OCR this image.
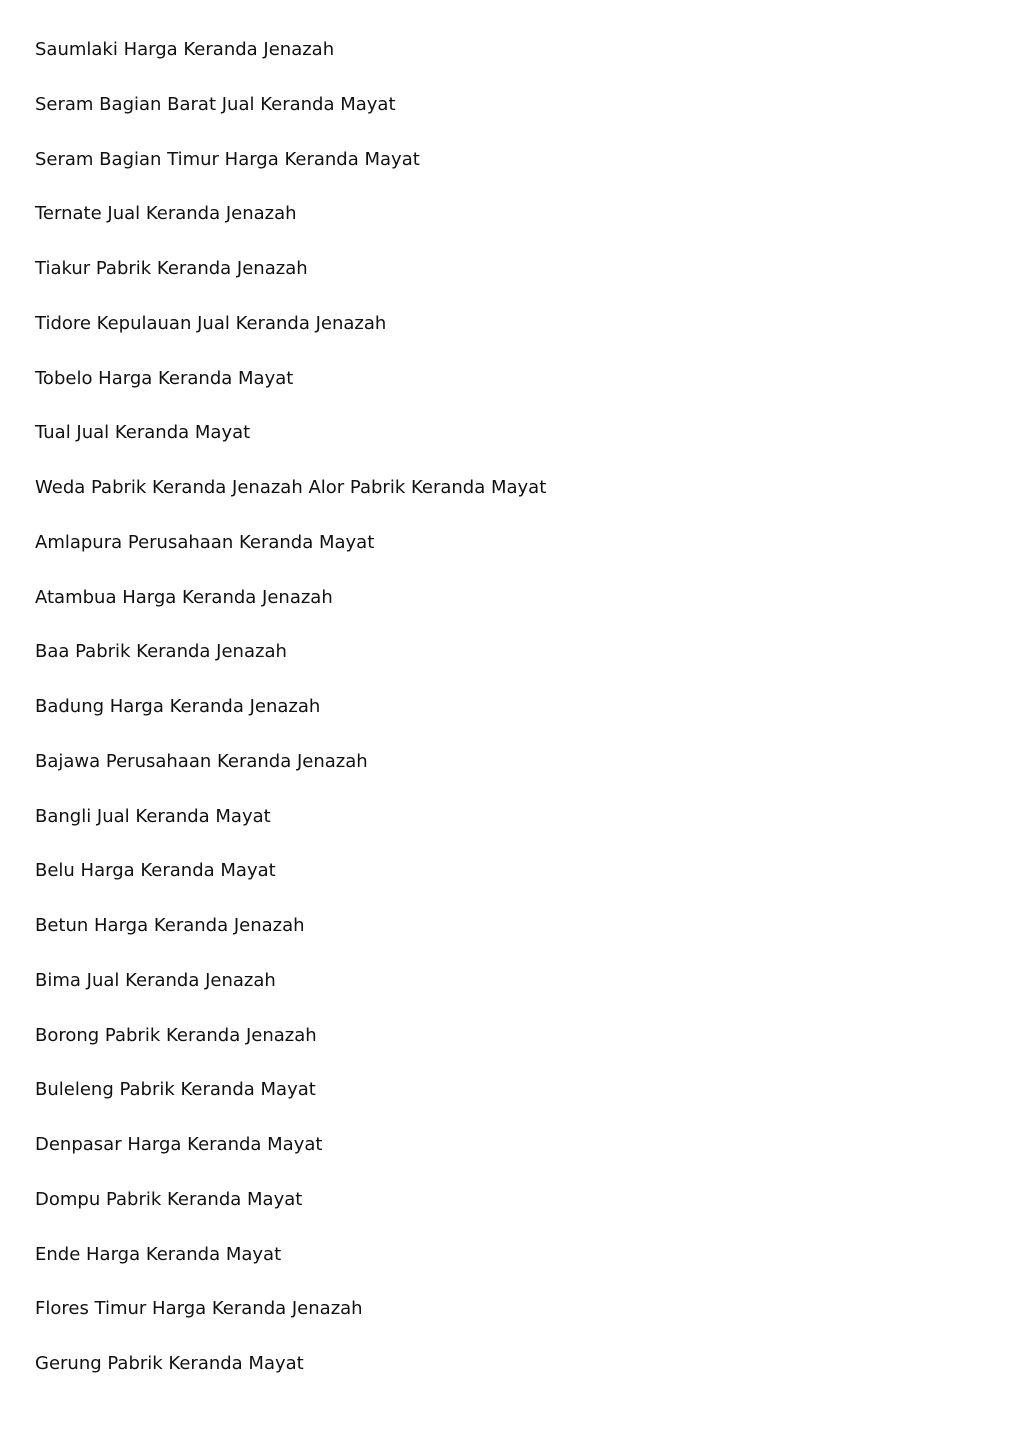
Saumlaki Harga Keranda Jenazah
Seram Bagian Barat Jual Keranda Mayat
Seram Bagian Timur Harga Keranda Mayat
Ternate Jual Keranda Jenazah
Tiakur Pabrik Keranda Jenazah
Tidore Kepulauan Jual Keranda Jenazah
Tobelo Harga Keranda Mayat
Tual Jual Keranda Mayat
Weda Pabrik Keranda Jenazah Alor Pabrik Keranda Mayat
Amlapura Perusahaan Keranda Mayat
Atambua Harga Keranda Jenazah
Baa Pabrik Keranda Jenazah
Badung Harga Keranda Jenazah
Bajawa Perusahaan Keranda Jenazah
Bangli Jual Keranda Mayat
Belu Harga Keranda Mayat
Betun Harga Keranda Jenazah
Bima Jual Keranda Jenazah
Borong Pabrik Keranda Jenazah
Buleleng Pabrik Keranda Mayat
Denpasar Harga Keranda Mayat
Dompu Pabrik Keranda Mayat
Ende Harga Keranda Mayat
Flores Timur Harga Keranda Jenazah
Gerung Pabrik Keranda Mayat
